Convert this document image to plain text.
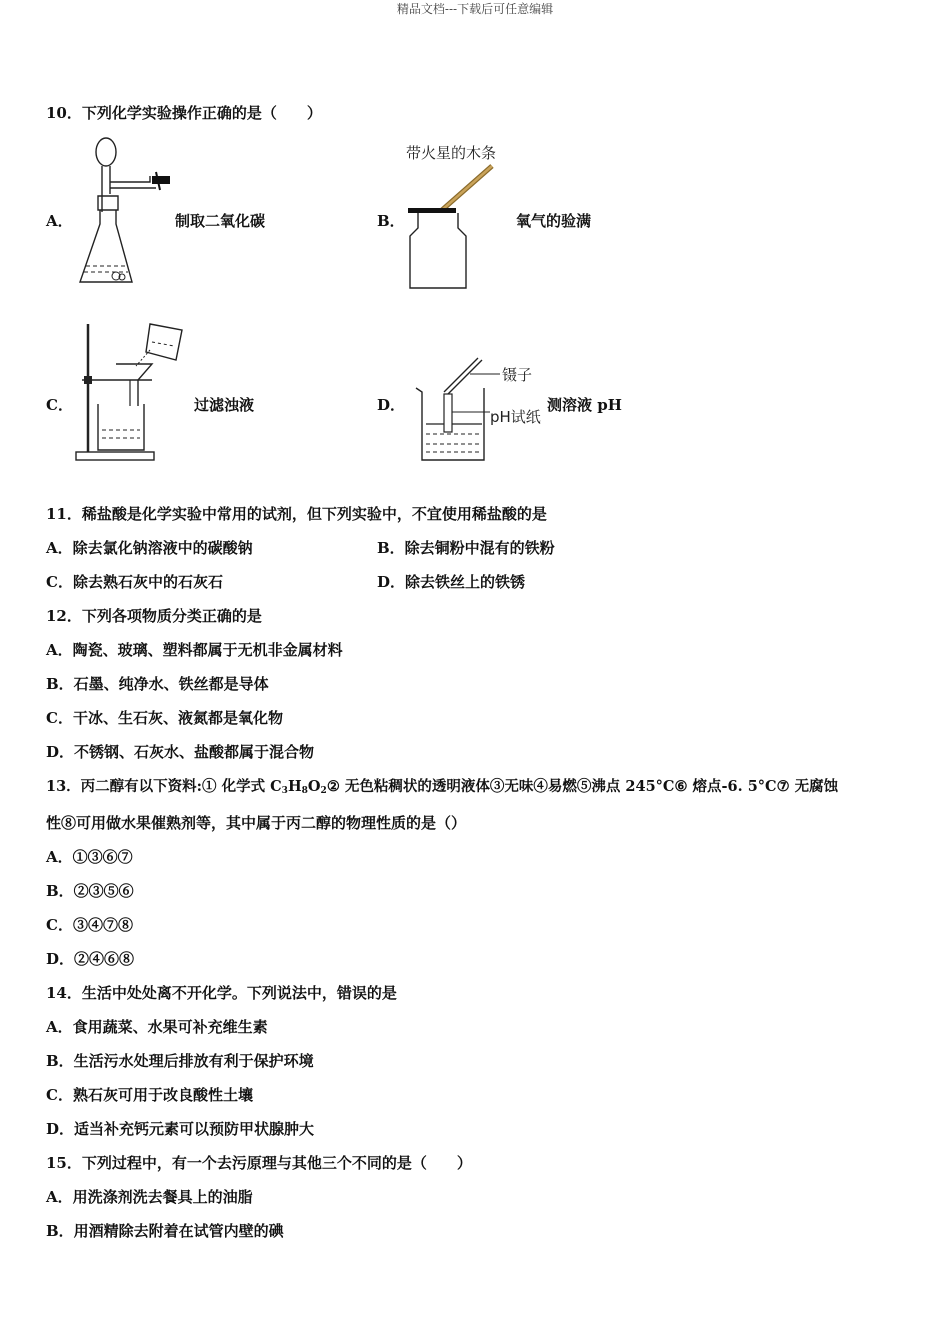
精品文档---下载后可任意编辑
10．下列化学实验操作正确的是（　　）
A．	制取二氧化碳	B．
带火星的木条
氧气的验满
C．	过滤浊液	D．
镊子
pH试纸
测溶液 pH
11．稀盐酸是化学实验中常用的试剂，但下列实验中，不宜使用稀盐酸的是
A．除去氯化钠溶液中的碳酸钠	B．除去铜粉中混有的铁粉
C．除去熟石灰中的石灰石	D．除去铁丝上的铁锈
12．下列各项物质分类正确的是
A．陶瓷、玻璃、塑料都属于无机非金属材料
B．石墨、纯净水、铁丝都是导体
C．干冰、生石灰、液氮都是氧化物
D．不锈钢、石灰水、盐酸都属于混合物
13．丙二醇有以下资料:① 化学式 $C_3H_8O_2②$ 无色粘稠状的透明液体③无味④易燃⑤沸点 245°C⑥ 熔点-6. 5°C⑦ 无腐蚀
性⑧可用做水果催熟剂等，其中属于丙二醇的物理性质的是（）
A．①③⑥⑦
B．②③⑤⑥
C．③④⑦⑧
D．②④⑥⑧
14．生活中处处离不开化学。下列说法中，错误的是
A．食用蔬菜、水果可补充维生素
B．生活污水处理后排放有利于保护环境
C．熟石灰可用于改良酸性土壤
D．适当补充钙元素可以预防甲状腺肿大
15．下列过程中，有一个去污原理与其他三个不同的是（　　）
A．用洗涤剂洗去餐具上的油脂
B．用酒精除去附着在试管内壁的碘
